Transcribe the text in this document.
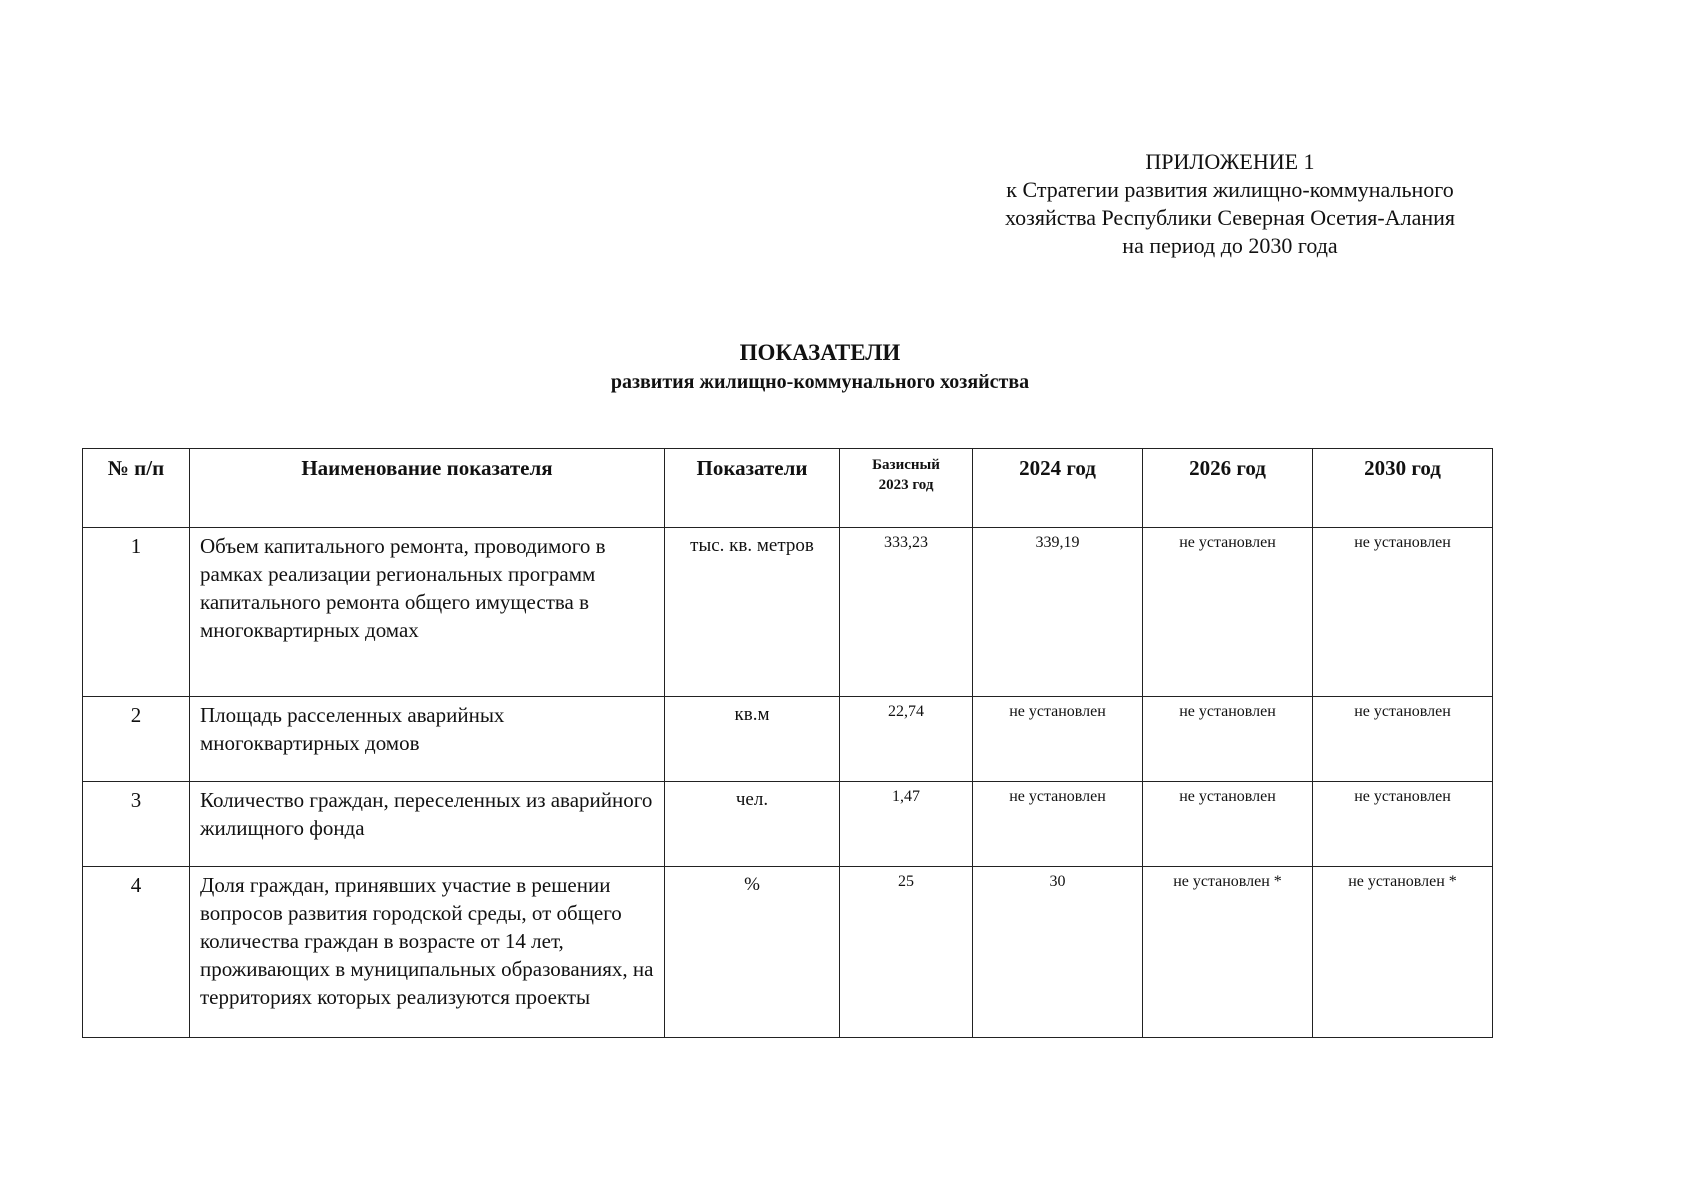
ПРИЛОЖЕНИЕ 1
к Стратегии развития жилищно-коммунального
хозяйства Республики Северная Осетия-Алания
на период до 2030 года
ПОКАЗАТЕЛИ
развития жилищно-коммунального хозяйства
№ п/п	Наименование показателя	Показатели	Базисный
2023 год	2024 год	2026 год	2030 год
1	Объем капитального ремонта, проводимого в рамках реализации региональных программ капитального ремонта общего имущества в многоквартирных домах	тыс. кв. метров	333,23	339,19	не установлен	не установлен
2	Площадь расселенных аварийных многоквартирных домов	кв.м	22,74	не установлен	не установлен	не установлен
3	Количество граждан, переселенных из аварийного жилищного фонда	чел.	1,47	не установлен	не установлен	не установлен
4	Доля граждан, принявших участие в решении вопросов развития городской среды, от общего количества граждан в возрасте от 14 лет, проживающих в муниципальных образованиях, на территориях которых реализуются проекты	%	25	30	не установлен *	не установлен *
